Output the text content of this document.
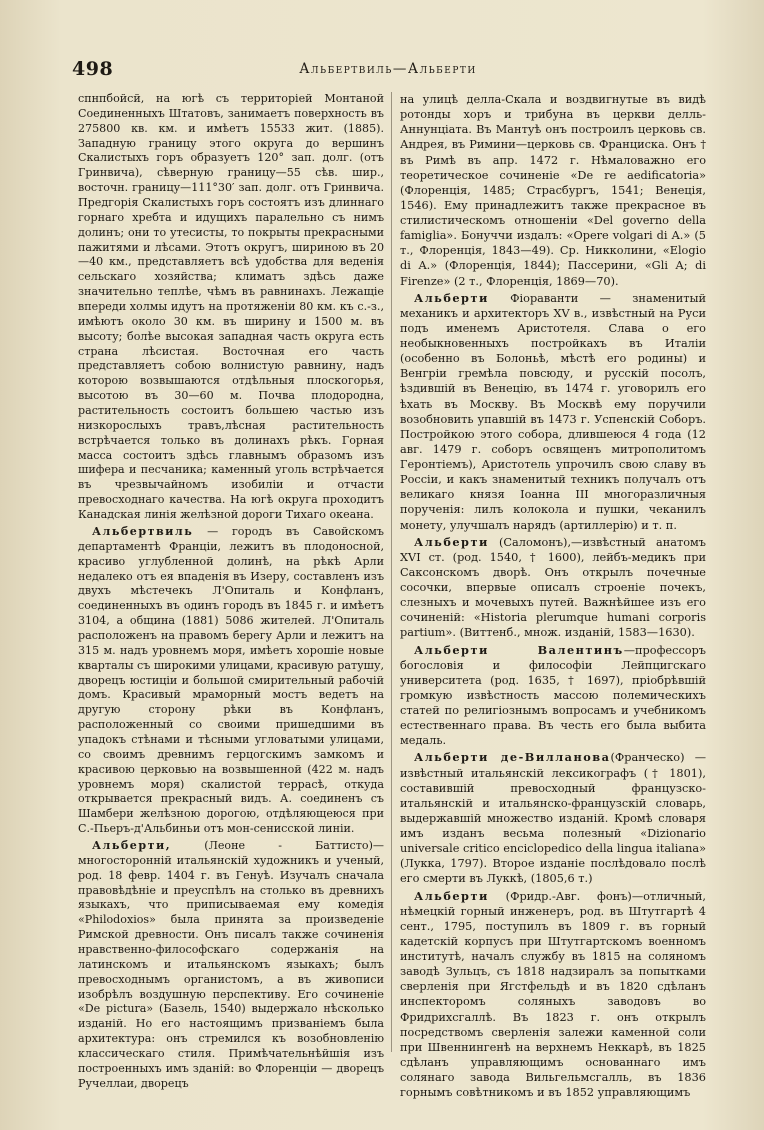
498	Альбертвиль—Альберти

спнпбойсй, на югѣ съ территоріей Монтаной Соединенныхъ Штатовъ, занимаетъ поверхность въ 275800 кв. км. и имѣетъ 15533 жит. (1885). Западную границу этого округа до вершинъ Скалистыхъ горъ образуетъ 120° зап. долг. (отъ Гринвича), сѣверную границу—55 сѣв. шир., восточн. границу—111°30′ зап. долг. отъ Гринвича. Предгорія Скалистыхъ горъ состоятъ изъ длиннаго горнаго хребта и идущихъ паралельно съ нимъ долинъ; они то утесисты, то покрыты прекрасными пажитями и лѣсами. Этотъ округъ, шириною въ 20—40 км., представляетъ всѣ удобства для веденія сельскаго хозяйства; климатъ здѣсь даже значительно теплѣе, чѣмъ въ равнинахъ. Лежащіе впереди холмы идутъ на протяженіи 80 км. къ с.-з., имѣютъ около 30 км. въ ширину и 1500 м. въ высоту; болѣе высокая западная часть округа есть страна лѣсистая. Восточная его часть представляетъ собою волнистую равнину, надъ которою возвышаются отдѣльныя плоскогорья, высотою въ 30—60 м. Почва плодородна, растительность состоитъ большею частью изъ низкорослыхъ травъ,лѣсная растительность встрѣчается только въ долинахъ рѣкъ. Горная масса состоитъ здѣсь главнымъ образомъ изъ шифера и песчаника; каменный уголь встрѣчается въ чрезвычайномъ изобиліи и отчасти превосходнаго качества. На югѣ округа проходитъ Канадская линія желѣзной дороги Тихаго океана.

Альбертвиль — городъ въ Савойскомъ департаментѣ Франціи, лежитъ въ плодоносной, красиво углубленной долинѣ, на рѣкѣ Арли недалеко отъ ея впаденія въ Изеру, составленъ изъ двухъ мѣстечекъ Л'Опиталь и Конфланъ, соединенныхъ въ одинъ городъ въ 1845 г. и имѣетъ 3104, а община (1881) 5086 жителей. Л'Опиталь расположенъ на правомъ берегу Арли и лежитъ на 315 м. надъ уровнемъ моря, имѣетъ хорошіе новые кварталы съ широкими улицами, красивую ратушу, дворецъ юстиціи и большой смирительный рабочій домъ. Красивый мраморный мостъ ведетъ на другую сторону рѣки въ Конфланъ, расположенный со своими пришедшими въ упадокъ стѣнами и тѣсными угловатыми улицами, со своимъ древнимъ герцогскимъ замкомъ и красивою церковью на возвышенной (422 м. надъ уровнемъ моря) скалистой террасѣ, откуда открывается прекрасный видъ. А. соединенъ съ Шамбери желѣзною дорогою, отдѣляющеюся при С.-Пьеръ-д'Альбиньи отъ мон-сенисской линіи.

Альберти, (Леоне - Баттисто)—многосторонній итальянскій художникъ и ученый, род. 18 февр. 1404 г. въ Генуѣ. Изучалъ сначала правовѣдѣніе и преуспѣлъ на столько въ древнихъ языкахъ, что приписываемая ему комедія «Philodoxios» была принята за произведеніе Римской древности. Онъ писалъ также сочиненія нравственно-философскаго содержанія на латинскомъ и итальянскомъ языкахъ; былъ превосходнымъ органистомъ, а въ живописи изобрѣлъ воздушную перспективу. Его сочиненіе «De pictura» (Базель, 1540) выдержало нѣсколько изданій. Но его настоящимъ призваніемъ была архитектура: онъ стремился къ возобновленію классическаго стиля. Примѣчательнѣйшія изъ построенныхъ имъ зданій: во Флоренціи — дворецъ Ручеллаи, дворецъ

на улицѣ делла-Скала и воздвигнутые въ видѣ ротонды хоръ и трибуна въ церкви делль-Аннунціата. Въ Мантуѣ онъ построилъ церковь св. Андрея, въ Римини—церковь св. Франциска. Онъ † въ Римѣ въ апр. 1472 г. Нѣмаловажно его теоретическое сочиненіе «De re aedificatoria» (Флоренція, 1485; Страсбургъ, 1541; Венеція, 1546). Ему принадлежитъ также прекрасное въ стилистическомъ отношеніи «Del governo della famiglia». Бонуччи издалъ: «Opere volgari di A.» (5 т., Флоренція, 1843—49). Ср. Никколини, «Elogio di A.» (Флоренція, 1844); Пассерини, «Gli A; di Firenze» (2 т., Флоренція, 1869—70).

Альберти Фіораванти — знаменитый механикъ и архитекторъ XV в., извѣстный на Руси подъ именемъ Аристотеля. Слава о его необыкновенныхъ постройкахъ въ Италіи (особенно въ Болоньѣ, мѣстѣ его родины) и Венгріи гремѣла повсюду, и русскій посолъ, ѣздившій въ Венецію, въ 1474 г. уговорилъ его ѣхать въ Москву. Въ Москвѣ ему поручили возобновить упавшій въ 1473 г. Успенскій Соборъ. Постройкою этого собора, длившеюся 4 года (12 авг. 1479 г. соборъ освященъ митрополитомъ Геронтіемъ), Аристотель упрочилъ свою славу въ Россіи, и какъ знаменитый техникъ получалъ отъ великаго князя Іоанна III многоразличныя порученія: лилъ колокола и пушки, чеканилъ монету, улучшалъ нарядъ (артиллерію) и т. п.

Альберти (Саломонъ),—извѣстный анатомъ XVI ст. (род. 1540, † 1600), лейбъ-медикъ при Саксонскомъ дворѣ. Онъ открылъ почечные сосочки, впервые описалъ строеніе почекъ, слезныхъ и мочевыхъ путей. Важнѣйшее изъ его сочиненій: «Historia plerumque humani corporis partium». (Виттенб., множ. изданій, 1583—1630).

Альберти Валентинъ—профессоръ богословія и философіи Лейпцигскаго университета (род. 1635, † 1697), пріобрѣвшій громкую извѣстность массою полемическихъ статей по религіознымъ вопросамъ и учебникомъ естественнаго права. Въ честь его была выбита медаль.

Альберти де-Вилланова(Франческо) — извѣстный итальянскій лексикографъ († 1801), составившій превосходный французско-итальянскій и итальянско-французскій словарь, выдержавшій множество изданій. Кромѣ словаря имъ изданъ весьма полезный «Dizionario universale critico enciclopedico della lingua italiana» (Лукка, 1797). Второе изданіе послѣдовало послѣ его смерти въ Луккѣ, (1805,6 т.)

Альберти (Фридр.-Авг. фонъ)—отличный, нѣмецкій горный инженеръ, род. въ Штутгартѣ 4 сент., 1795, поступилъ въ 1809 г. въ горный кадетскій корпусъ при Штутгартскомъ военномъ институтѣ, началъ службу въ 1815 на соляномъ заводѣ Зульцъ, съ 1818 надзиралъ за попытками сверленія при Ягстфельдѣ и въ 1820 сдѣланъ инспекторомъ соляныхъ заводовъ во Фридрихсгаллѣ. Въ 1823 г. онъ открылъ посредствомъ сверленія залежи каменной соли при Швеннингенѣ на верхнемъ Неккарѣ, въ 1825 сдѣланъ управляющимъ основаннаго имъ солянаго завода Вильгельмсгалль, въ 1836 горнымъ совѣтникомъ и въ 1852 управляющимъ
